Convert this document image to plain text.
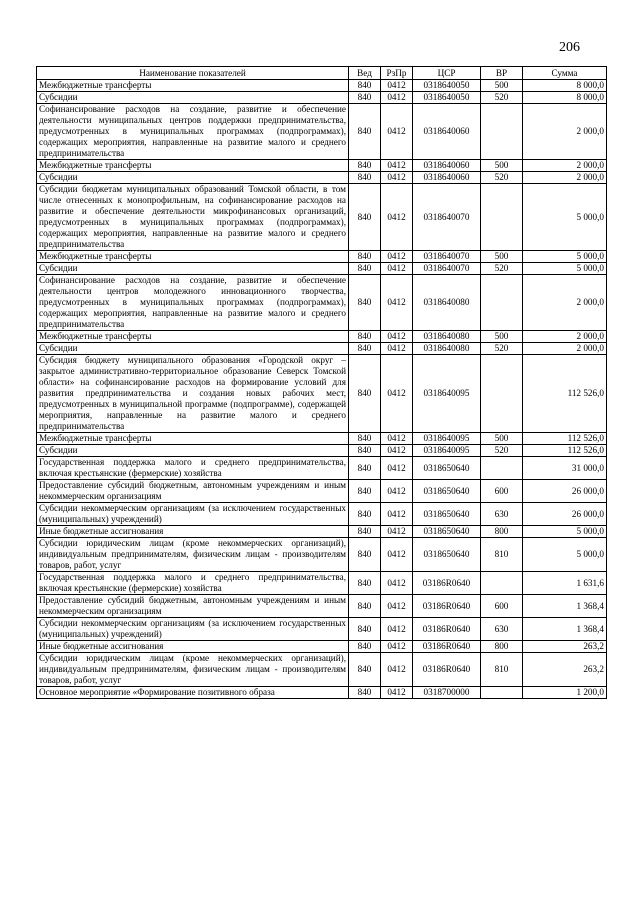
206
Наименование показателей	Вед	РзПр	ЦСР	ВР	Сумма
Межбюджетные трансферты	840	0412	0318640050	500	8 000,0
Субсидии	840	0412	0318640050	520	8 000,0
Софинансирование расходов на создание, развитие и обеспечение деятельности муниципальных центров поддержки предпринимательства, предусмотренных в муниципальных программах (подпрограммах), содержащих мероприятия, направленные на развитие малого и среднего предпринимательства	840	0412	0318640060		2 000,0
Межбюджетные трансферты	840	0412	0318640060	500	2 000,0
Субсидии	840	0412	0318640060	520	2 000,0
Субсидии бюджетам муниципальных образований Томской области, в том числе отнесенных к монопрофильным, на софинансирование расходов на развитие и обеспечение деятельности микрофинансовых организаций, предусмотренных в муниципальных программах (подпрограммах), содержащих мероприятия, направленные на развитие малого и среднего предпринимательства	840	0412	0318640070		5 000,0
Межбюджетные трансферты	840	0412	0318640070	500	5 000,0
Субсидии	840	0412	0318640070	520	5 000,0
Софинансирование расходов на создание, развитие и обеспечение деятельности центров молодежного инновационного творчества, предусмотренных в муниципальных программах (подпрограммах), содержащих мероприятия, направленные на развитие малого и среднего предпринимательства	840	0412	0318640080		2 000,0
Межбюджетные трансферты	840	0412	0318640080	500	2 000,0
Субсидии	840	0412	0318640080	520	2 000,0
Субсидия бюджету муниципального образования «Городской округ – закрытое административно-территориальное образование Северск Томской области» на софинансирование расходов на формирование условий для развития предпринимательства и создания новых рабочих мест, предусмотренных в муниципальной программе (подпрограмме), содержащей мероприятия, направленные на развитие малого и среднего предпринимательства	840	0412	0318640095		112 526,0
Межбюджетные трансферты	840	0412	0318640095	500	112 526,0
Субсидии	840	0412	0318640095	520	112 526,0
Государственная поддержка малого и среднего предпринимательства, включая крестьянские (фермерские) хозяйства	840	0412	0318650640		31 000,0
Предоставление субсидий бюджетным, автономным учреждениям и иным некоммерческим организациям	840	0412	0318650640	600	26 000,0
Субсидии некоммерческим организациям (за исключением государственных (муниципальных) учреждений)	840	0412	0318650640	630	26 000,0
Иные бюджетные ассигнования	840	0412	0318650640	800	5 000,0
Субсидии юридическим лицам (кроме некоммерческих организаций), индивидуальным предпринимателям, физическим лицам - производителям товаров, работ, услуг	840	0412	0318650640	810	5 000,0
Государственная поддержка малого и среднего предпринимательства, включая крестьянские (фермерские) хозяйства	840	0412	03186R0640		1 631,6
Предоставление субсидий бюджетным, автономным учреждениям и иным некоммерческим организациям	840	0412	03186R0640	600	1 368,4
Субсидии некоммерческим организациям (за исключением государственных (муниципальных) учреждений)	840	0412	03186R0640	630	1 368,4
Иные бюджетные ассигнования	840	0412	03186R0640	800	263,2
Субсидии юридическим лицам (кроме некоммерческих организаций), индивидуальным предпринимателям, физическим лицам - производителям товаров, работ, услуг	840	0412	03186R0640	810	263,2
Основное мероприятие «Формирование позитивного образа	840	0412	0318700000		1 200,0
